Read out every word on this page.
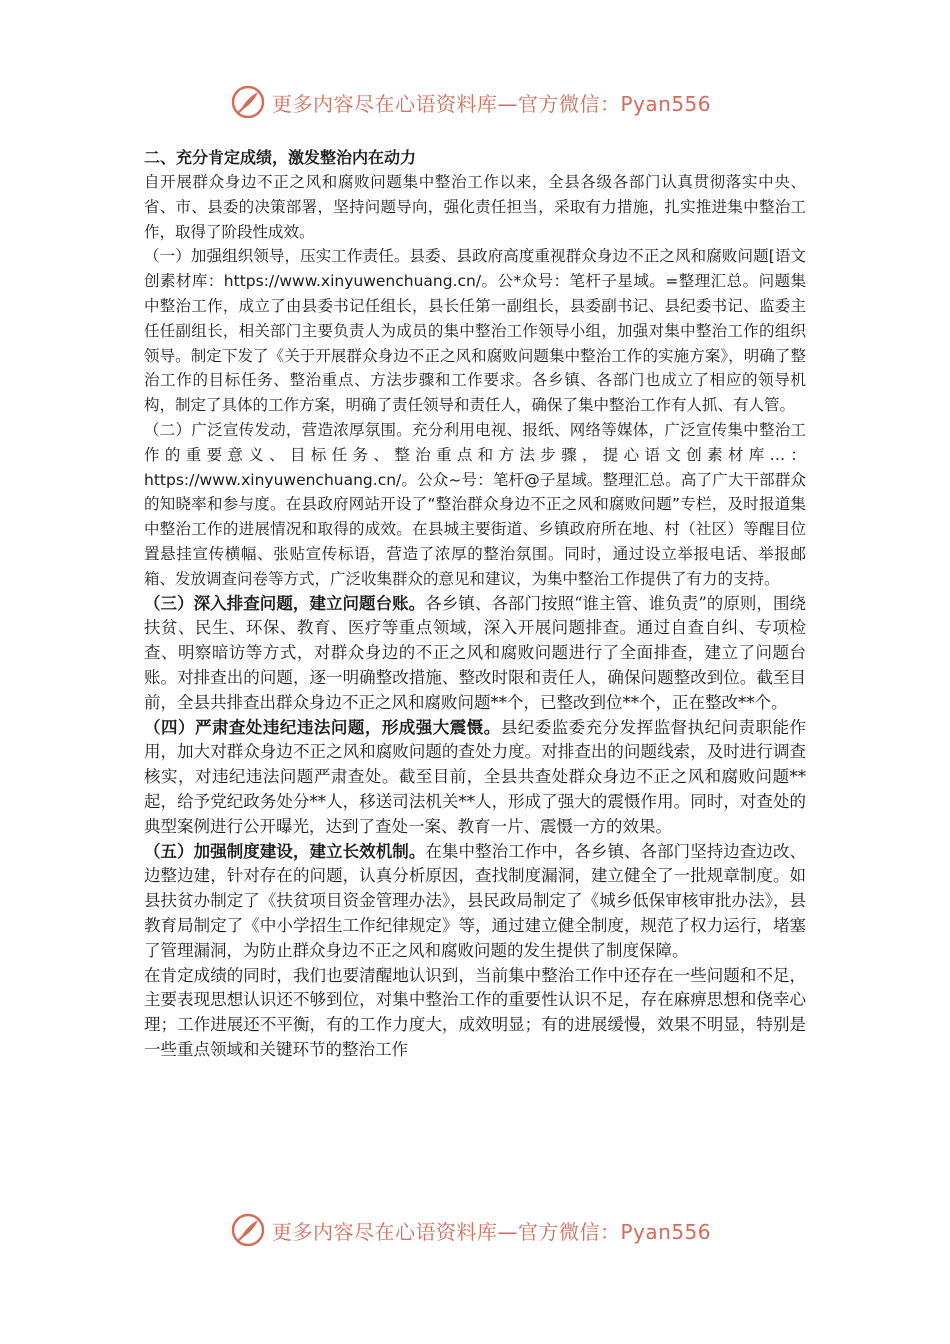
更多内容尽在心语资料库—官方微信：Pyan556
二、充分肯定成绩，激发整治内在动力

自开展群众身边不正之风和腐败问题集中整治工作以来，全县各级各部门认真贯彻落实中央、省、市、县委的决策部署，坚持问题导向，强化责任担当，采取有力措施，扎实推进集中整治工作，取得了阶段性成效。

（一）加强组织领导，压实工作责任。县委、县政府高度重视群众身边不正之风和腐败问题[语文创素材库：https://www.xinyuwenchuang.cn/。公*众号：笔杆子星域。=整理汇总。问题集中整治工作，成立了由县委书记任组长，县长任第一副组长，县委副书记、县纪委书记、监委主任任副组长，相关部门主要负责人为成员的集中整治工作领导小组，加强对集中整治工作的组织领导。制定下发了《关于开展群众身边不正之风和腐败问题集中整治工作的实施方案》，明确了整治工作的目标任务、整治重点、方法步骤和工作要求。各乡镇、各部门也成立了相应的领导机构，制定了具体的工作方案，明确了责任领导和责任人，确保了集中整治工作有人抓、有人管。

（二）广泛宣传发动，营造浓厚氛围。充分利用电视、报纸、网络等媒体，广泛宣传集中整治工作的重要意义、目标任务、整治重点和方法步骤，提心语文创素材库…：https://www.xinyuwenchuang.cn/。公众~号：笔杆@子星域。整理汇总。高了广大干部群众的知晓率和参与度。在县政府网站开设了“整治群众身边不正之风和腐败问题”专栏，及时报道集中整治工作的进展情况和取得的成效。在县城主要街道、乡镇政府所在地、村（社区）等醒目位置悬挂宣传横幅、张贴宣传标语，营造了浓厚的整治氛围。同时，通过设立举报电话、举报邮箱、发放调查问卷等方式，广泛收集群众的意见和建议，为集中整治工作提供了有力的支持。

（三）深入排查问题，建立问题台账。各乡镇、各部门按照“谁主管、谁负责”的原则，围绕扶贫、民生、环保、教育、医疗等重点领域，深入开展问题排查。通过自查自纠、专项检查、明察暗访等方式，对群众身边的不正之风和腐败问题进行了全面排查，建立了问题台账。对排查出的问题，逐一明确整改措施、整改时限和责任人，确保问题整改到位。截至目前，全县共排查出群众身边不正之风和腐败问题**个，已整改到位**个，正在整改**个。

（四）严肃查处违纪违法问题，形成强大震慑。县纪委监委充分发挥监督执纪问责职能作用，加大对群众身边不正之风和腐败问题的查处力度。对排查出的问题线索，及时进行调查核实，对违纪违法问题严肃查处。截至目前，全县共查处群众身边不正之风和腐败问题**起，给予党纪政务处分**人，移送司法机关**人，形成了强大的震慑作用。同时，对查处的典型案例进行公开曝光，达到了查处一案、教育一片、震慑一方的效果。

（五）加强制度建设，建立长效机制。在集中整治工作中，各乡镇、各部门坚持边查边改、边整边建，针对存在的问题，认真分析原因，查找制度漏洞，建立健全了一批规章制度。如县扶贫办制定了《扶贫项目资金管理办法》，县民政局制定了《城乡低保审核审批办法》，县教育局制定了《中小学招生工作纪律规定》等，通过建立健全制度，规范了权力运行，堵塞了管理漏洞，为防止群众身边不正之风和腐败问题的发生提供了制度保障。

在肯定成绩的同时，我们也要清醒地认识到，当前集中整治工作中还存在一些问题和不足，主要表现思想认识还不够到位，对集中整治工作的重要性认识不足，存在麻痹思想和侥幸心理；工作进展还不平衡，有的工作力度大，成效明显；有的进展缓慢，效果不明显，特别是一些重点领域和关键环节的整治工作

更多内容尽在心语资料库—官方微信：Pyan556
